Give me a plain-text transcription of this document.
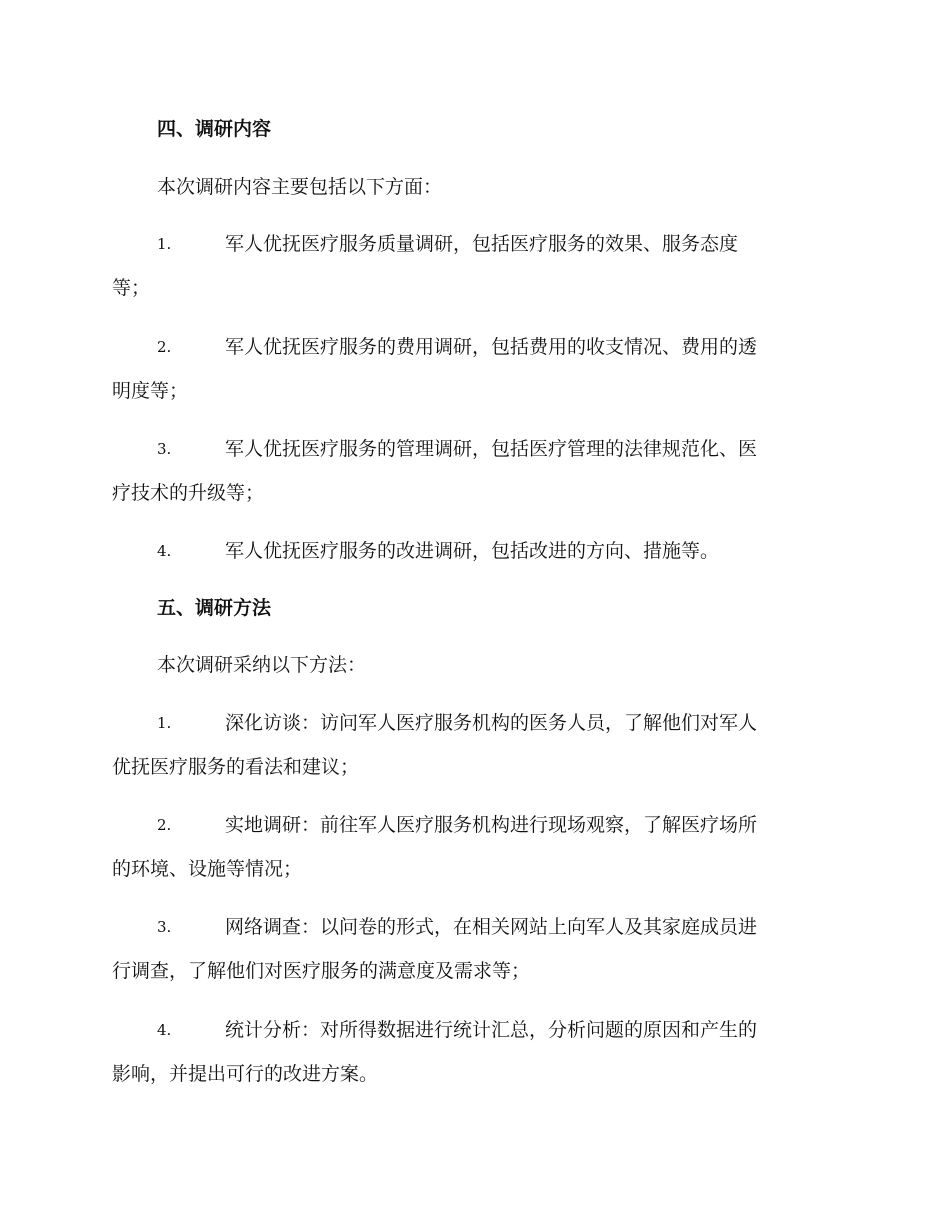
四、调研内容

本次调研内容主要包括以下方面：

1.	军人优抚医疗服务质量调研，包括医疗服务的效果、服务态度
等；
2.	军人优抚医疗服务的费用调研，包括费用的收支情况、费用的透
明度等；
3.	军人优抚医疗服务的管理调研，包括医疗管理的法律规范化、医
疗技术的升级等；
4.	军人优抚医疗服务的改进调研，包括改进的方向、措施等。
五、调研方法

本次调研采纳以下方法：

1.	深化访谈：访问军人医疗服务机构的医务人员，了解他们对军人
优抚医疗服务的看法和建议；
2.	实地调研：前往军人医疗服务机构进行现场观察，了解医疗场所
的环境、设施等情况；
3.	网络调查：以问卷的形式，在相关网站上向军人及其家庭成员进
行调查，了解他们对医疗服务的满意度及需求等；
4.	统计分析：对所得数据进行统计汇总，分析问题的原因和产生的
影响，并提出可行的改进方案。
